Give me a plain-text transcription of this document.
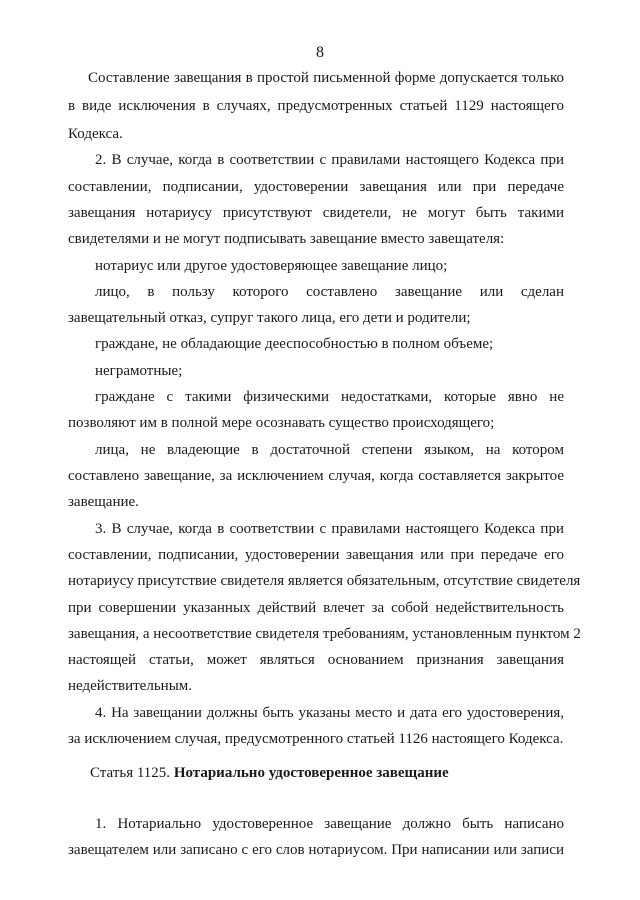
8
Составление завещания в простой письменной форме допускается только
в виде исключения в случаях, предусмотренных статьей 1129 настоящего
Кодекса.
2. В случае, когда в соответствии с правилами настоящего Кодекса при
составлении, подписании, удостоверении завещания или при передаче
завещания нотариусу присутствуют свидетели, не могут быть такими
свидетелями и не могут подписывать завещание вместо завещателя:
нотариус или другое удостоверяющее завещание лицо;
лицо, в пользу которого составлено завещание или сделан
завещательный отказ, супруг такого лица, его дети и родители;
граждане, не обладающие дееспособностью в полном объеме;
неграмотные;
граждане с такими физическими недостатками, которые явно не
позволяют им в полной мере осознавать существо происходящего;
лица, не владеющие в достаточной степени языком, на котором
составлено завещание, за исключением случая, когда составляется закрытое
завещание.
3. В случае, когда в соответствии с правилами настоящего Кодекса при
составлении, подписании, удостоверении завещания или при передаче его
нотариусу присутствие свидетеля является обязательным, отсутствие свидетеля
при совершении указанных действий влечет за собой недействительность
завещания, а несоответствие свидетеля требованиям, установленным пунктом 2
настоящей статьи, может являться основанием признания завещания
недействительным.
4. На завещании должны быть указаны место и дата его удостоверения,
за исключением случая, предусмотренного статьей 1126 настоящего Кодекса.
Статья 1125. Нотариально удостоверенное завещание
1. Нотариально удостоверенное завещание должно быть написано
завещателем или записано с его слов нотариусом. При написании или записи
